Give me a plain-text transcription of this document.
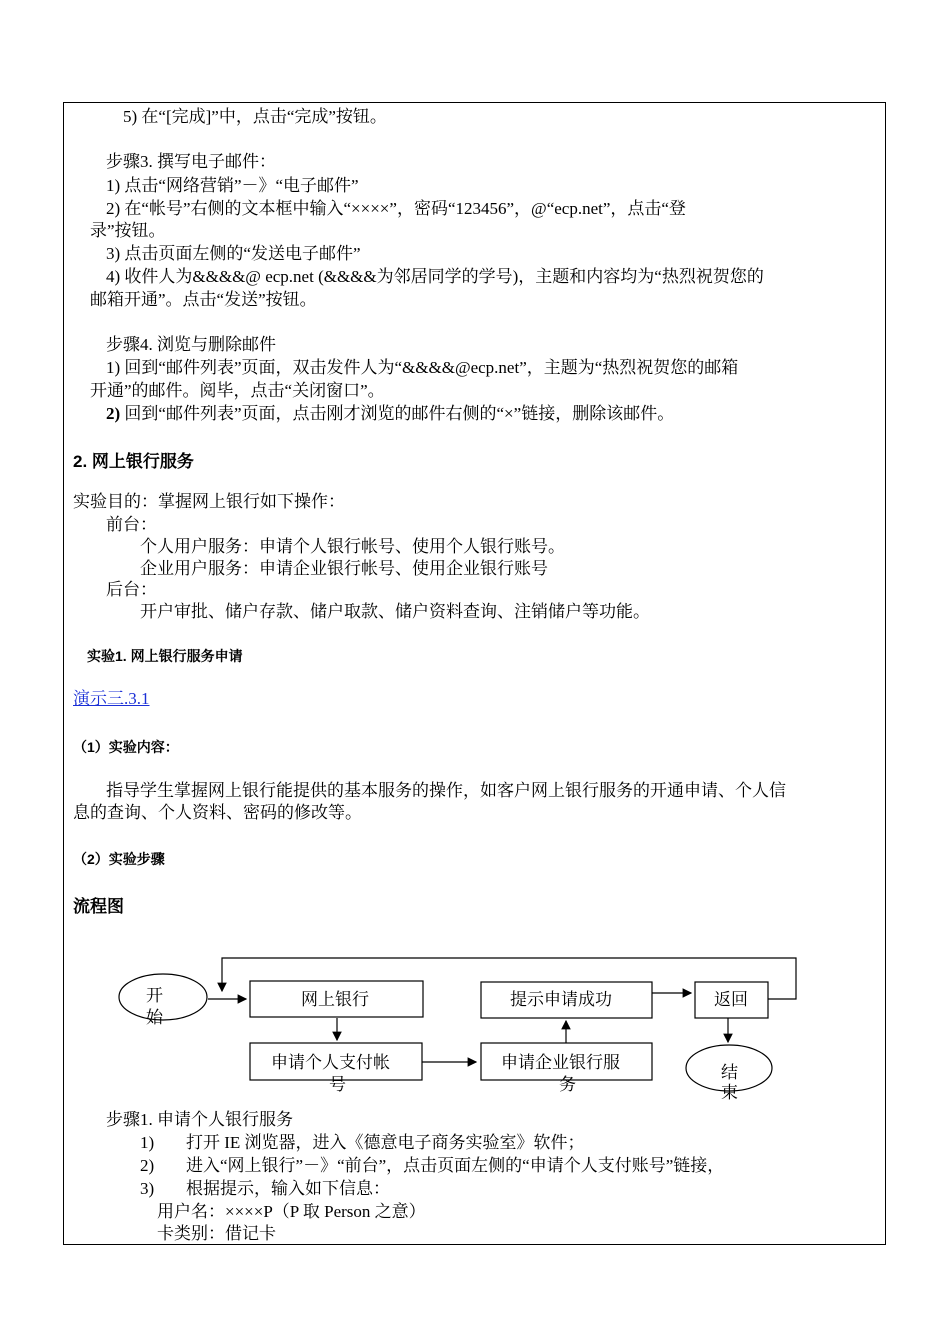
5) 在“[完成]”中，点击“完成”按钮。
步骤3. 撰写电子邮件：
1) 点击“网络营销”－》“电子邮件”
2) 在“帐号”右侧的文本框中输入“××××”，密码“123456”，@“ecp.net”，点击“登
录”按钮。
3) 点击页面左侧的“发送电子邮件”
4) 收件人为&&&&@ ecp.net (&&&&为邻居同学的学号)，主题和内容均为“热烈祝贺您的
邮箱开通”。点击“发送”按钮。
步骤4. 浏览与删除邮件
1) 回到“邮件列表”页面，双击发件人为“&&&&@ecp.net”，主题为“热烈祝贺您的邮箱
开通”的邮件。阅毕，点击“关闭窗口”。
2) 回到“邮件列表”页面，点击刚才浏览的邮件右侧的“×”链接，删除该邮件。
2. 网上银行服务
实验目的：掌握网上银行如下操作：
前台：
个人用户服务：申请个人银行帐号、使用个人银行账号。
企业用户服务：申请企业银行帐号、使用企业银行账号
后台：
开户审批、储户存款、储户取款、储户资料查询、注销储户等功能。
实验1. 网上银行服务申请
演示三.3.1
（1）实验内容：
指导学生掌握网上银行能提供的基本服务的操作，如客户网上银行服务的开通申请、个人信
息的查询、个人资料、密码的修改等。
（2）实验步骤
流程图
开
始
网上银行
申请个人支付帐
号
申请企业银行服
务
提示申请成功	返回
结
束
步骤1. 申请个人银行服务
1) 打开 IE 浏览器，进入《德意电子商务实验室》软件；
2) 进入“网上银行”－》“前台”，点击页面左侧的“申请个人支付账号”链接，
3) 根据提示，输入如下信息：
用户名：××××P（P 取 Person 之意）
卡类别：借记卡
